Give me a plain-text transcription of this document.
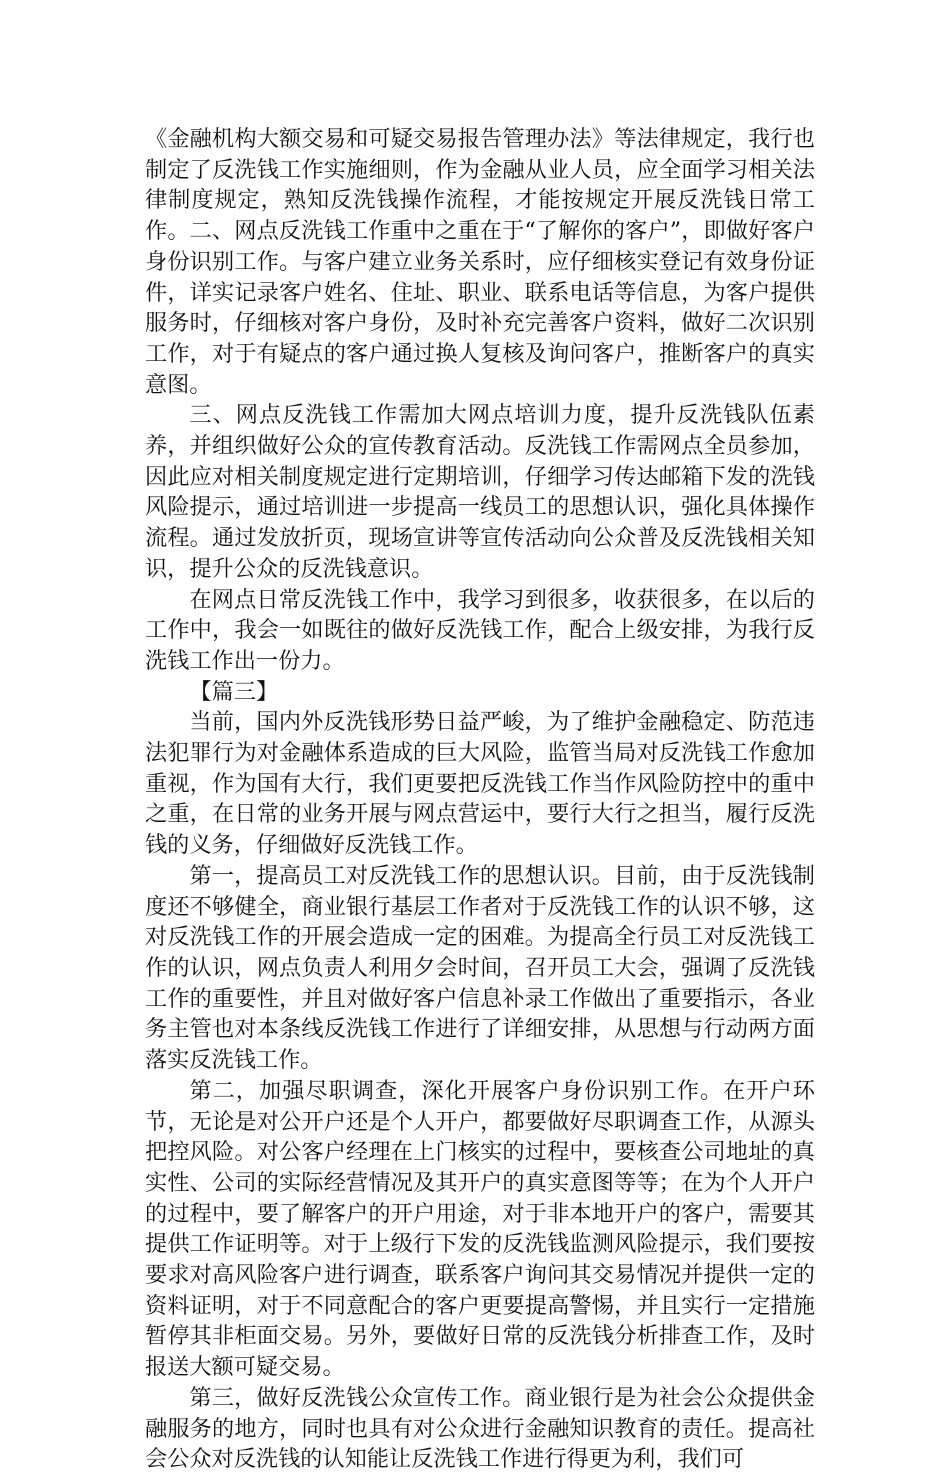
《金融机构大额交易和可疑交易报告管理办法》等法律规定，我行也制定了反洗钱工作实施细则，作为金融从业人员，应全面学习相关法律制度规定，熟知反洗钱操作流程，才能按规定开展反洗钱日常工作。二、网点反洗钱工作重中之重在于“了解你的客户”，即做好客户身份识别工作。与客户建立业务关系时，应仔细核实登记有效身份证件，详实记录客户姓名、住址、职业、联系电话等信息，为客户提供服务时，仔细核对客户身份，及时补充完善客户资料，做好二次识别工作，对于有疑点的客户通过换人复核及询问客户，推断客户的真实意图。

三、网点反洗钱工作需加大网点培训力度，提升反洗钱队伍素养，并组织做好公众的宣传教育活动。反洗钱工作需网点全员参加，因此应对相关制度规定进行定期培训，仔细学习传达邮箱下发的洗钱风险提示，通过培训进一步提高一线员工的思想认识，强化具体操作流程。通过发放折页，现场宣讲等宣传活动向公众普及反洗钱相关知识，提升公众的反洗钱意识。

在网点日常反洗钱工作中，我学习到很多，收获很多，在以后的工作中，我会一如既往的做好反洗钱工作，配合上级安排，为我行反洗钱工作出一份力。

【篇三】

当前，国内外反洗钱形势日益严峻，为了维护金融稳定、防范违法犯罪行为对金融体系造成的巨大风险，监管当局对反洗钱工作愈加重视，作为国有大行，我们更要把反洗钱工作当作风险防控中的重中之重，在日常的业务开展与网点营运中，要行大行之担当，履行反洗钱的义务，仔细做好反洗钱工作。

第一，提高员工对反洗钱工作的思想认识。目前，由于反洗钱制度还不够健全，商业银行基层工作者对于反洗钱工作的认识不够，这对反洗钱工作的开展会造成一定的困难。为提高全行员工对反洗钱工作的认识，网点负责人利用夕会时间，召开员工大会，强调了反洗钱工作的重要性，并且对做好客户信息补录工作做出了重要指示，各业务主管也对本条线反洗钱工作进行了详细安排，从思想与行动两方面落实反洗钱工作。

第二，加强尽职调查，深化开展客户身份识别工作。在开户环节，无论是对公开户还是个人开户，都要做好尽职调查工作，从源头把控风险。对公客户经理在上门核实的过程中，要核查公司地址的真实性、公司的实际经营情况及其开户的真实意图等等；在为个人开户的过程中，要了解客户的开户用途，对于非本地开户的客户，需要其提供工作证明等。对于上级行下发的反洗钱监测风险提示，我们要按要求对高风险客户进行调查，联系客户询问其交易情况并提供一定的资料证明，对于不同意配合的客户更要提高警惕，并且实行一定措施暂停其非柜面交易。另外，要做好日常的反洗钱分析排查工作，及时报送大额可疑交易。

第三，做好反洗钱公众宣传工作。商业银行是为社会公众提供金融服务的地方，同时也具有对公众进行金融知识教育的责任。提高社会公众对反洗钱的认知能让反洗钱工作进行得更为利，我们可
